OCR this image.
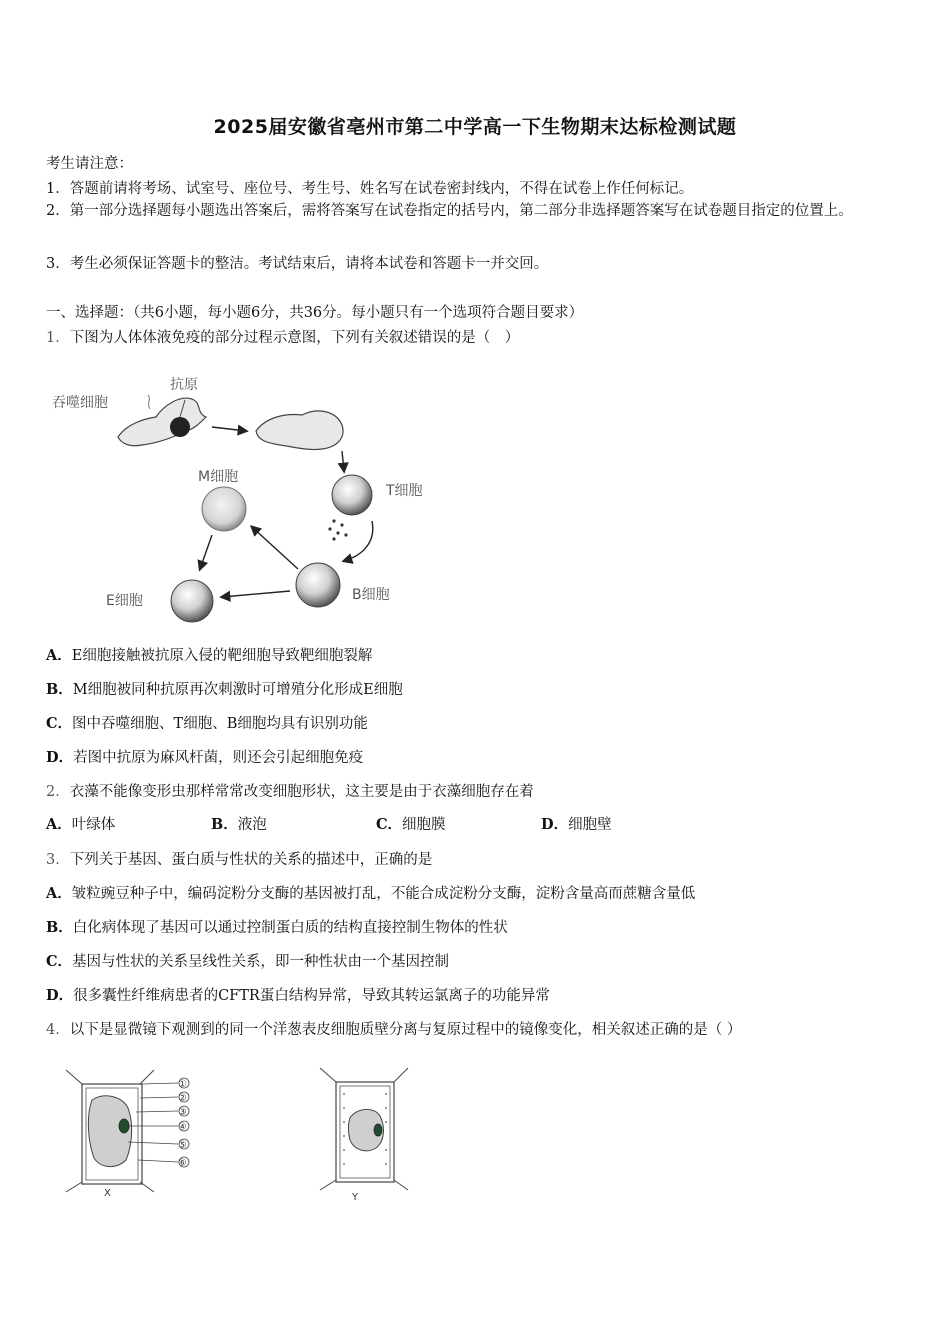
2025届安徽省亳州市第二中学高一下生物期末达标检测试题
考生请注意：
1．答题前请将考场、试室号、座位号、考生号、姓名写在试卷密封线内，不得在试卷上作任何标记。
2．第一部分选择题每小题选出答案后，需将答案写在试卷指定的括号内，第二部分非选择题答案写在试卷题目指定的位置上。
3．考生必须保证答题卡的整洁。考试结束后，请将本试卷和答题卡一并交回。
一、选择题：（共6小题，每小题6分，共36分。每小题只有一个选项符合题目要求）
1．下图为人体体液免疫的部分过程示意图，下列有关叙述错误的是（　）
吞噬细胞
抗原
T细胞
B细胞
M细胞
E细胞
A．E细胞接触被抗原入侵的靶细胞导致靶细胞裂解
B．M细胞被同种抗原再次刺激时可增殖分化形成E细胞
C．图中吞噬细胞、T细胞、B细胞均具有识别功能
D．若图中抗原为麻风杆菌，则还会引起细胞免疫
2．衣藻不能像变形虫那样常常改变细胞形状，这主要是由于衣藻细胞存在着
A．叶绿体	B．液泡	C．细胞膜	D．细胞壁
3．下列关于基因、蛋白质与性状的关系的描述中，正确的是
A．皱粒豌豆种子中，编码淀粉分支酶的基因被打乱，不能合成淀粉分支酶，淀粉含量高而蔗糖含量低
B．白化病体现了基因可以通过控制蛋白质的结构直接控制生物体的性状
C．基因与性状的关系呈线性关系，即一种性状由一个基因控制
D．很多囊性纤维病患者的CFTR蛋白结构异常，导致其转运氯离子的功能异常
4．以下是显微镜下观测到的同一个洋葱表皮细胞质壁分离与复原过程中的镜像变化，相关叙述正确的是（ ）
①
②
③
④
⑤
⑥
X	Y
